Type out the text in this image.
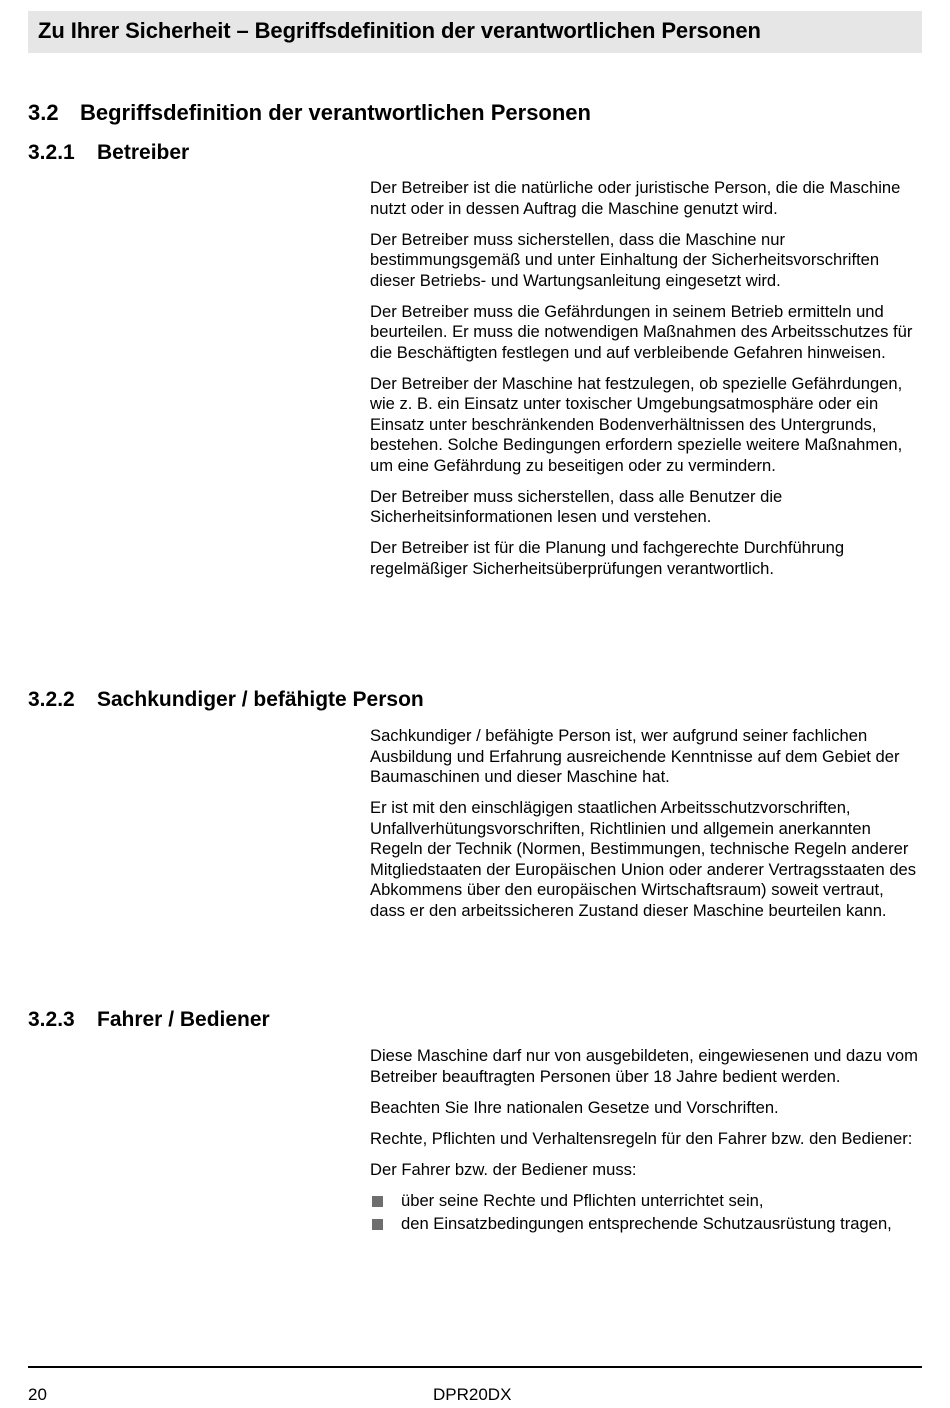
Zu Ihrer Sicherheit – Begriffsdefinition der verantwortlichen Personen
3.2 Begriffsdefinition der verantwortlichen Personen
3.2.1 Betreiber

Der Betreiber ist die natürliche oder juristische Person, die die Maschine nutzt oder in dessen Auftrag die Maschine genutzt wird.

Der Betreiber muss sicherstellen, dass die Maschine nur bestimmungsgemäß und unter Einhaltung der Sicherheitsvorschriften dieser Betriebs- und Wartungsanleitung eingesetzt wird.

Der Betreiber muss die Gefährdungen in seinem Betrieb ermitteln und beurteilen. Er muss die notwendigen Maßnahmen des Arbeitsschutzes für die Beschäftigten festlegen und auf verbleibende Gefahren hinweisen.

Der Betreiber der Maschine hat festzulegen, ob spezielle Gefährdungen, wie z. B. ein Einsatz unter toxischer Umgebungsatmosphäre oder ein Einsatz unter beschränkenden Bodenverhältnissen des Untergrunds, bestehen. Solche Bedingungen erfordern spezielle weitere Maßnahmen, um eine Gefährdung zu beseitigen oder zu vermindern.

Der Betreiber muss sicherstellen, dass alle Benutzer die Sicherheitsinformationen lesen und verstehen.

Der Betreiber ist für die Planung und fachgerechte Durchführung regelmäßiger Sicherheitsüberprüfungen verantwortlich.

3.2.2 Sachkundiger / befähigte Person

Sachkundiger / befähigte Person ist, wer aufgrund seiner fachlichen Ausbildung und Erfahrung ausreichende Kenntnisse auf dem Gebiet der Baumaschinen und dieser Maschine hat.

Er ist mit den einschlägigen staatlichen Arbeitsschutzvorschriften, Unfallverhütungsvorschriften, Richtlinien und allgemein anerkannten Regeln der Technik (Normen, Bestimmungen, technische Regeln anderer Mitgliedstaaten der Europäischen Union oder anderer Vertragsstaaten des Abkommens über den europäischen Wirtschaftsraum) soweit vertraut, dass er den arbeitssicheren Zustand dieser Maschine beurteilen kann.

3.2.3 Fahrer / Bediener

Diese Maschine darf nur von ausgebildeten, eingewiesenen und dazu vom Betreiber beauftragten Personen über 18 Jahre bedient werden.

Beachten Sie Ihre nationalen Gesetze und Vorschriften.

Rechte, Pflichten und Verhaltensregeln für den Fahrer bzw. den Bediener:

Der Fahrer bzw. der Bediener muss:

über seine Rechte und Pflichten unterrichtet sein,
den Einsatzbedingungen entsprechende Schutzausrüstung tragen,
20	DPR20DX
